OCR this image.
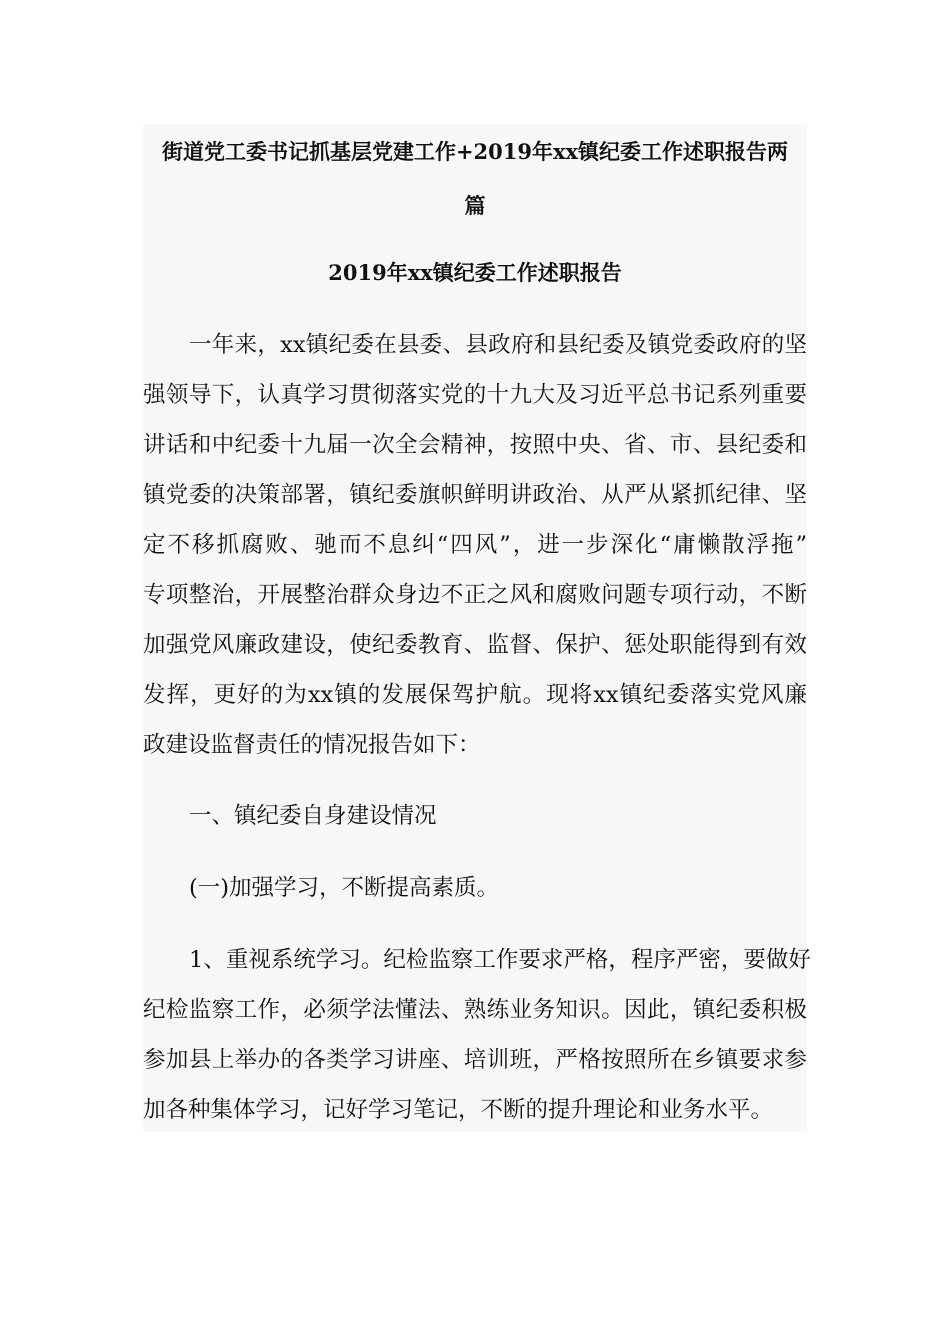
街道党工委书记抓基层党建工作+2019年xx镇纪委工作述职报告两
篇
2019年xx镇纪委工作述职报告
一年来，xx镇纪委在县委、县政府和县纪委及镇党委政府的坚
强领导下，认真学习贯彻落实党的十九大及习近平总书记系列重要
讲话和中纪委十九届一次全会精神，按照中央、省、市、县纪委和
镇党委的决策部署，镇纪委旗帜鲜明讲政治、从严从紧抓纪律、坚
定不移抓腐败、驰而不息纠“四风”，进一步深化“庸懒散浮拖”
专项整治，开展整治群众身边不正之风和腐败问题专项行动，不断
加强党风廉政建设，使纪委教育、监督、保护、惩处职能得到有效
发挥，更好的为xx镇的发展保驾护航。现将xx镇纪委落实党风廉
政建设监督责任的情况报告如下：
一、镇纪委自身建设情况
(一)加强学习，不断提高素质。
1、重视系统学习。纪检监察工作要求严格，程序严密，要做好
纪检监察工作，必须学法懂法、熟练业务知识。因此，镇纪委积极
参加县上举办的各类学习讲座、培训班，严格按照所在乡镇要求参
加各种集体学习，记好学习笔记，不断的提升理论和业务水平。
